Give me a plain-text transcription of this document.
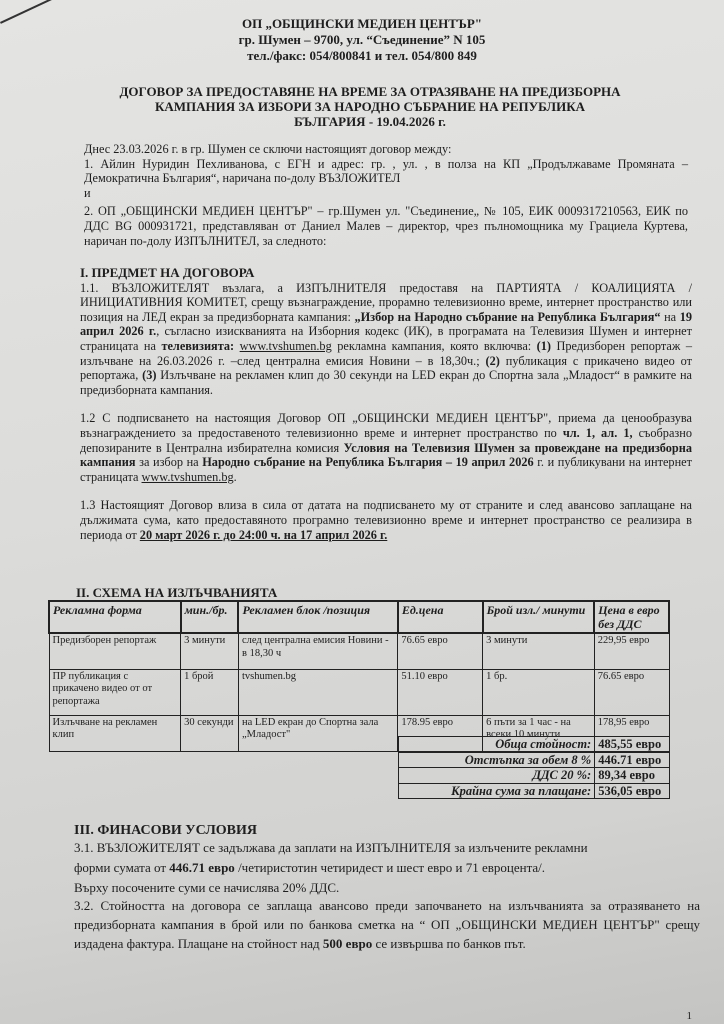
ОП „ОБЩИНСКИ МЕДИЕН ЦЕНТЪР"
гр. Шумен – 9700, ул. “Съединение” N 105
тел./факс: 054/800841 и тел. 054/800 849
ДОГОВОР ЗА ПРЕДОСТАВЯНЕ НА ВРЕМЕ ЗА ОТРАЗЯВАНЕ НА ПРЕДИЗБОРНА
КАМПАНИЯ ЗА ИЗБОРИ ЗА НАРОДНО СЪБРАНИЕ НА РЕПУБЛИКА
БЪЛГАРИЯ - 19.04.2026 г.
Днес 23.03.2026 г. в гр. Шумен се сключи настоящият договор между:
1. Айлин Нуридин Пехливанова, с ЕГН и адрес: гр. , ул. , в полза на КП „Продължаваме Промяната – Демократична България“, наричана по-долу ВЪЗЛОЖИТЕЛ
и
2. ОП „ОБЩИНСКИ МЕДИЕН ЦЕНТЪР" – гр.Шумен ул. "Съединение„ № 105, ЕИК 0009317210563, ЕИК по ДДС BG 000931721, представляван от Даниел Малев – директор, чрез пълномощника му Грациела Куртева, наричан по-долу ИЗПЪЛНИТЕЛ, за следното:
I. ПРЕДМЕТ НА ДОГОВОРА
1.1. ВЪЗЛОЖИТЕЛЯТ възлага, а ИЗПЪЛНИТЕЛЯ предоставя на ПАРТИЯТА / КОАЛИЦИЯТА / ИНИЦИАТИВНИЯ КОМИТЕТ, срещу възнаграждение, прорамно телевизионно време, интернет пространство или позиция на ЛЕД екран за предизборната кампания: „Избор на Народно събрание на Република България“ на 19 април 2026 г., съгласно изискванията на Изборния кодекс (ИК), в програмата на Телевизия Шумен и интернет страницата на телевизията: www.tvshumen.bg рекламна кампания, която включва: (1) Предизборен репортаж – излъчване на 26.03.2026 г. –след централна емисия Новини – в 18,30ч.; (2) публикация с прикачено видео от репортажа, (3) Излъчване на рекламен клип до 30 секунди на LED екран до Спортна зала „Младост“ в рамките на предизборната кампания.
1.2 С подписването на настоящия Договор ОП „ОБЩИНСКИ МЕДИЕН ЦЕНТЪР", приема да ценообразува възнаграждението за предоставеното телевизионно време и интернет пространство по чл. 1, ал. 1, съобразно депозираните в Централна избирателна комисия Условия на Телевизия Шумен за провеждане на предизборна кампания за избор на Народно събрание на Република България – 19 април 2026 г. и публикувани на интернет страницата www.tvshumen.bg.
1.3 Настоящият Договор влиза в сила от датата на подписването му от страните и след авансово заплащане на дължимата сума, като предоставяното програмно телевизионно време и интернет пространство се реализира в периода от 20 март 2026 г. до 24:00 ч. на 17 април 2026 г.
II. СХЕМА НА ИЗЛЪЧВАНИЯТА
Рекламна форма	мин./бр.	Рекламен блок /позиция	Ед.цена	Брой изл./ минути	Цена в евро без ДДС
Предизборен репортаж	3 минути	след централна емисия Новини - в 18,30 ч	76.65 евро	3 минути	229,95 евро
ПР публикация с прикачено видео от от репортажа	1 брой	tvshumen.bg	51.10 евро	1 бр.	76.65 евро
Излъчване на рекламен клип	30 секунди	на LED екран до Спортна зала „Младост"	178.95 евро	6 пъти за 1 час - на всеки 10 минути	178,95 евро
Обща стойност:	485,55 евро
Отстъпка за обем 8 %	446.71 евро
ДДС 20 %:	89,34 евро
Крайна сума за плащане:	536,05 евро
III. ФИНАСОВИ УСЛОВИЯ
3.1. ВЪЗЛОЖИТЕЛЯТ се задължава да заплати на ИЗПЪЛНИТЕЛЯ за излъчените рекламни
форми сумата от 446.71 евро /четиристотин четиридест и шест евро и 71 евроцента/.
Върху посочените суми се начислява 20% ДДС.
3.2. Стойността на договора се заплаща авансово преди започването на излъчванията за отразяването на предизборната кампания в брой или по банкова сметка на “ ОП „ОБЩИНСКИ МЕДИЕН ЦЕНТЪР" срещу издадена фактура. Плащане на стойност над 500 евро се извършва по банков път.
1
